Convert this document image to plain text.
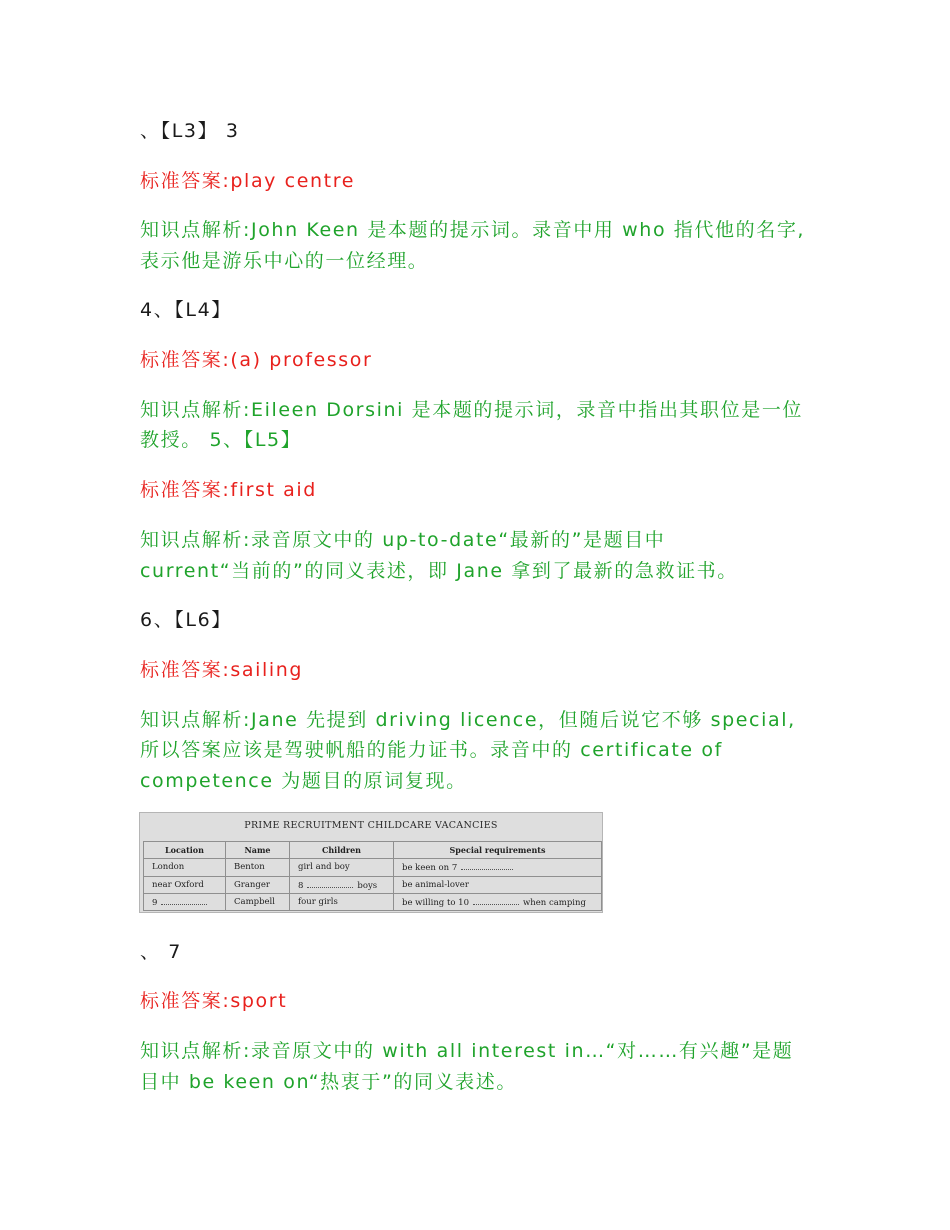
、【L3】 3
标准答案:play centre
知识点解析:John Keen 是本题的提示词。录音中用 who 指代他的名字,
表示他是游乐中心的一位经理。
4、【L4】
标准答案:(a) professor
知识点解析:Eileen Dorsini 是本题的提示词，录音中指出其职位是一位
教授。 5、【L5】
标准答案:first aid
知识点解析:录音原文中的 up-to-date“最新的”是题目中
current“当前的”的同义表述，即 Jane 拿到了最新的急救证书。
6、【L6】
标准答案:sailing
知识点解析:Jane 先提到 driving licence，但随后说它不够 special,
所以答案应该是驾驶帆船的能力证书。录音中的 certificate of
competence 为题目的原词复现。
PRIME RECRUITMENT CHILDCARE VACANCIES
Location	Name	Children	Special requirements
London	Benton	girl and boy	be keen on 7
near Oxford	Granger	8 boys	be animal-lover
9	Campbell	four girls	be willing to 10 when camping
、 7
标准答案:sport
知识点解析:录音原文中的 with all interest in…“对……有兴趣”是题
目中 be keen on“热衷于”的同义表述。
